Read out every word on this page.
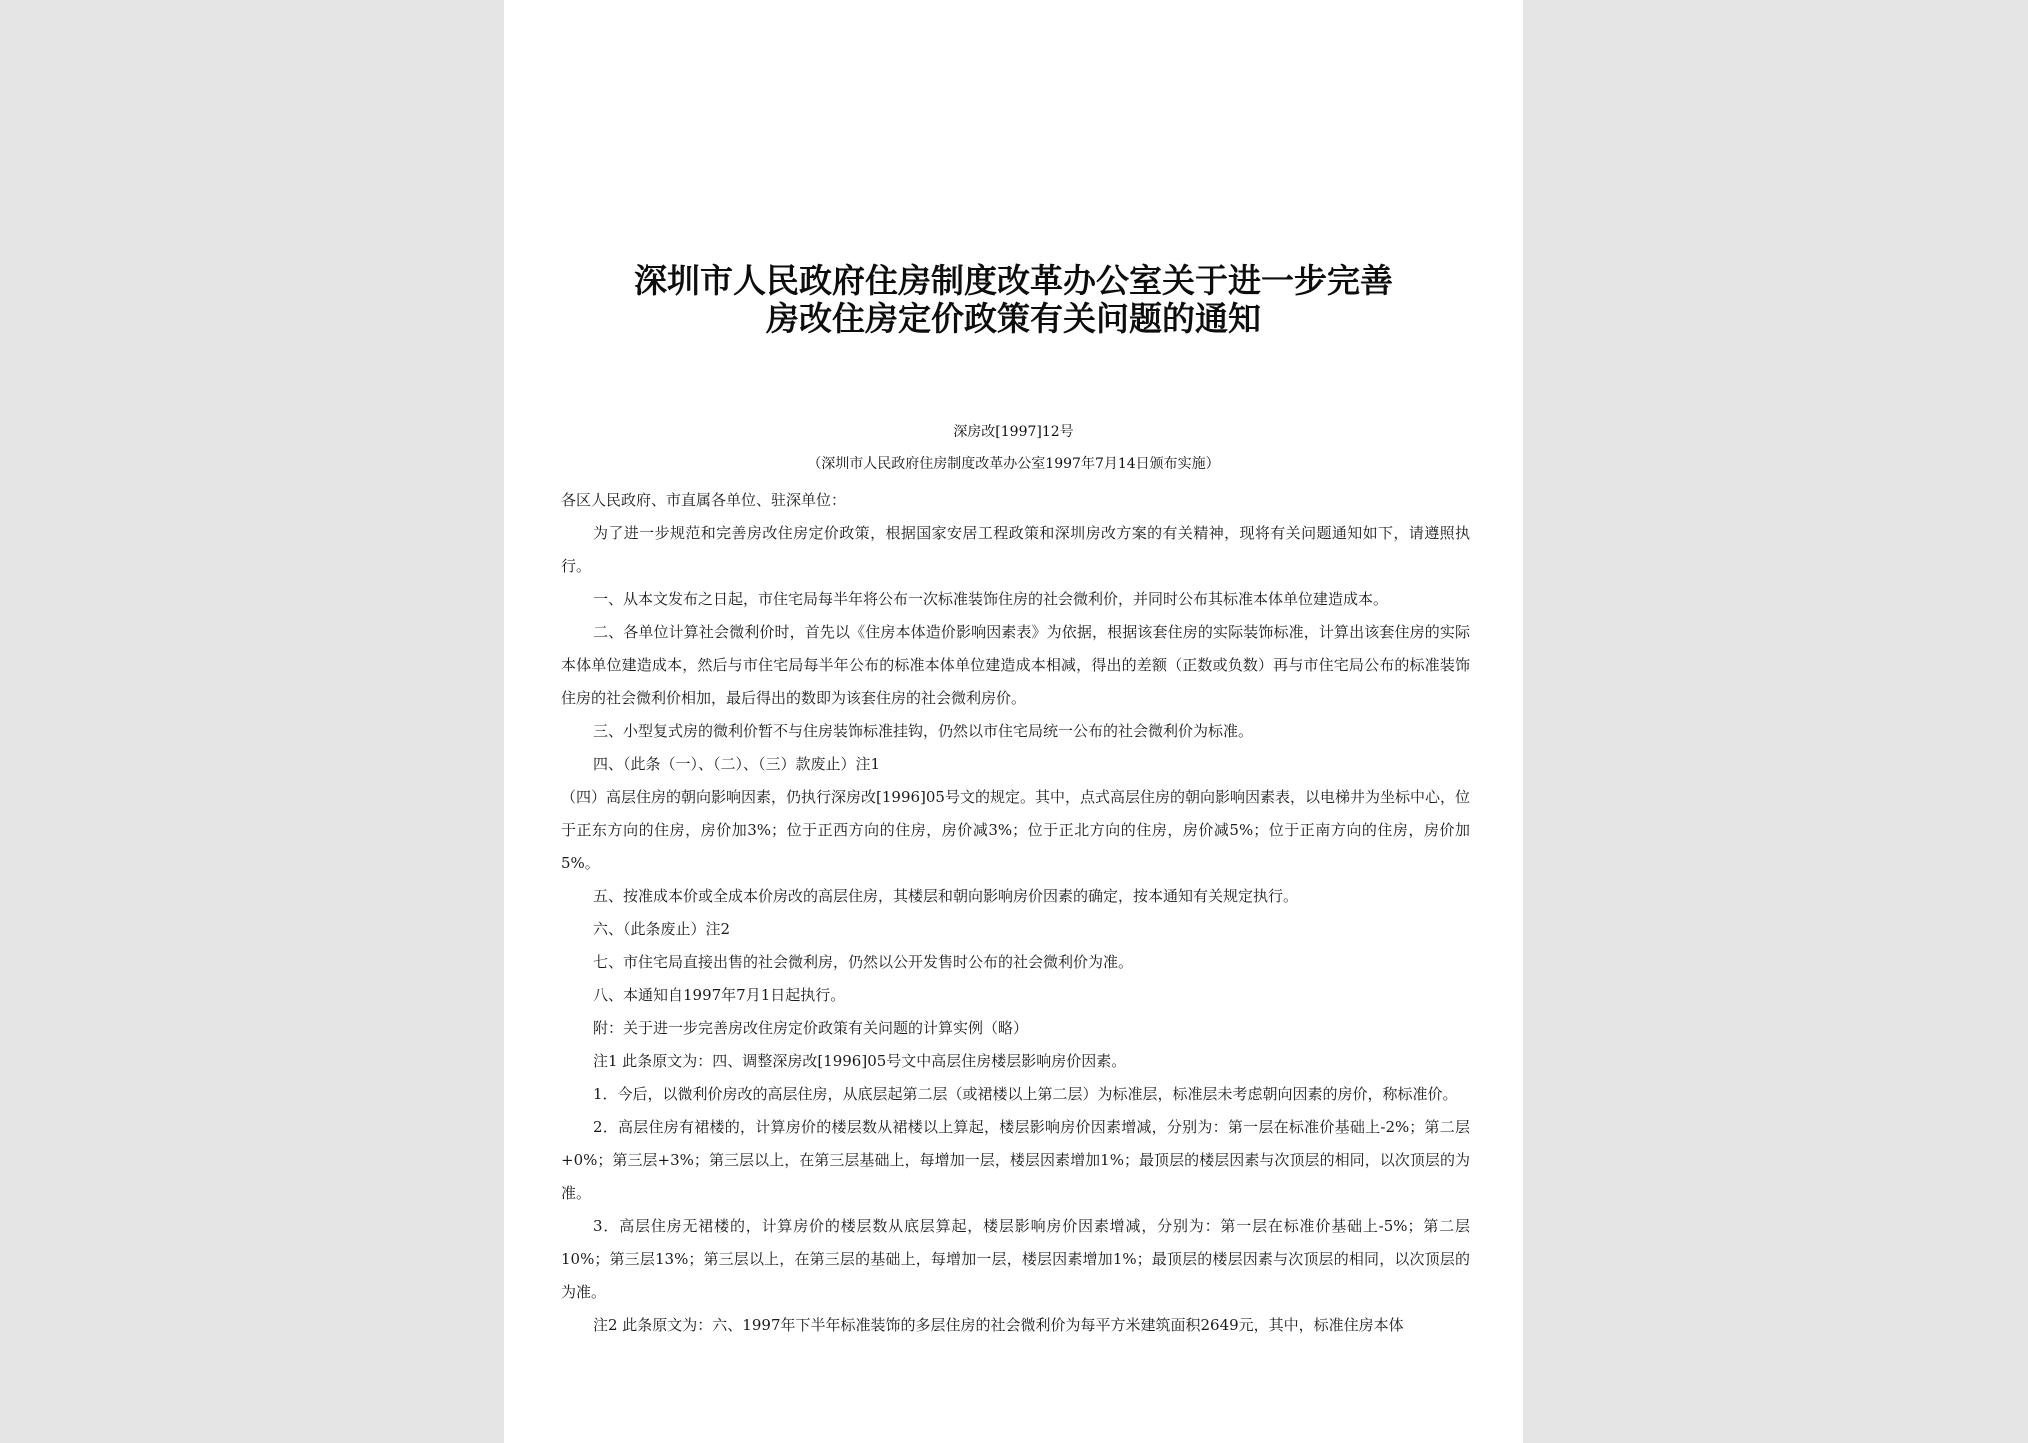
深圳市人民政府住房制度改革办公室关于进一步完善
房改住房定价政策有关问题的通知
深房改[1997]12号
（深圳市人民政府住房制度改革办公室1997年7月14日颁布实施）

各区人民政府、市直属各单位、驻深单位：

为了进一步规范和完善房改住房定价政策，根据国家安居工程政策和深圳房改方案的有关精神，现将有关问题通知如下，请遵照执行。

一、从本文发布之日起，市住宅局每半年将公布一次标准装饰住房的社会微利价，并同时公布其标准本体单位建造成本。

二、各单位计算社会微利价时，首先以《住房本体造价影响因素表》为依据，根据该套住房的实际装饰标准，计算出该套住房的实际本体单位建造成本，然后与市住宅局每半年公布的标准本体单位建造成本相减，得出的差额（正数或负数）再与市住宅局公布的标准装饰住房的社会微利价相加，最后得出的数即为该套住房的社会微利房价。

三、小型复式房的微利价暂不与住房装饰标准挂钩，仍然以市住宅局统一公布的社会微利价为标准。

四、（此条（一）、（二）、（三）款废止）注1

（四）高层住房的朝向影响因素，仍执行深房改[1996]05号文的规定。其中，点式高层住房的朝向影响因素表，以电梯井为坐标中心，位于正东方向的住房，房价加3%；位于正西方向的住房，房价减3%；位于正北方向的住房，房价减5%；位于正南方向的住房，房价加5%。

五、按准成本价或全成本价房改的高层住房，其楼层和朝向影响房价因素的确定，按本通知有关规定执行。

六、（此条废止）注2

七、市住宅局直接出售的社会微利房，仍然以公开发售时公布的社会微利价为准。

八、本通知自1997年7月1日起执行。

附：关于进一步完善房改住房定价政策有关问题的计算实例（略）

注1 此条原文为：四、调整深房改[1996]05号文中高层住房楼层影响房价因素。

1．今后，以微利价房改的高层住房，从底层起第二层（或裙楼以上第二层）为标准层，标准层未考虑朝向因素的房价，称标准价。

2．高层住房有裙楼的，计算房价的楼层数从裙楼以上算起，楼层影响房价因素增减，分别为：第一层在标准价基础上-2%；第二层+0%；第三层+3%；第三层以上，在第三层基础上，每增加一层，楼层因素增加1%；最顶层的楼层因素与次顶层的相同，以次顶层的为准。

3．高层住房无裙楼的，计算房价的楼层数从底层算起，楼层影响房价因素增减，分别为：第一层在标准价基础上-5%；第二层10%；第三层13%；第三层以上，在第三层的基础上，每增加一层，楼层因素增加1%；最顶层的楼层因素与次顶层的相同，以次顶层的为准。

注2 此条原文为：六、1997年下半年标准装饰的多层住房的社会微利价为每平方米建筑面积2649元，其中，标准住房本体
